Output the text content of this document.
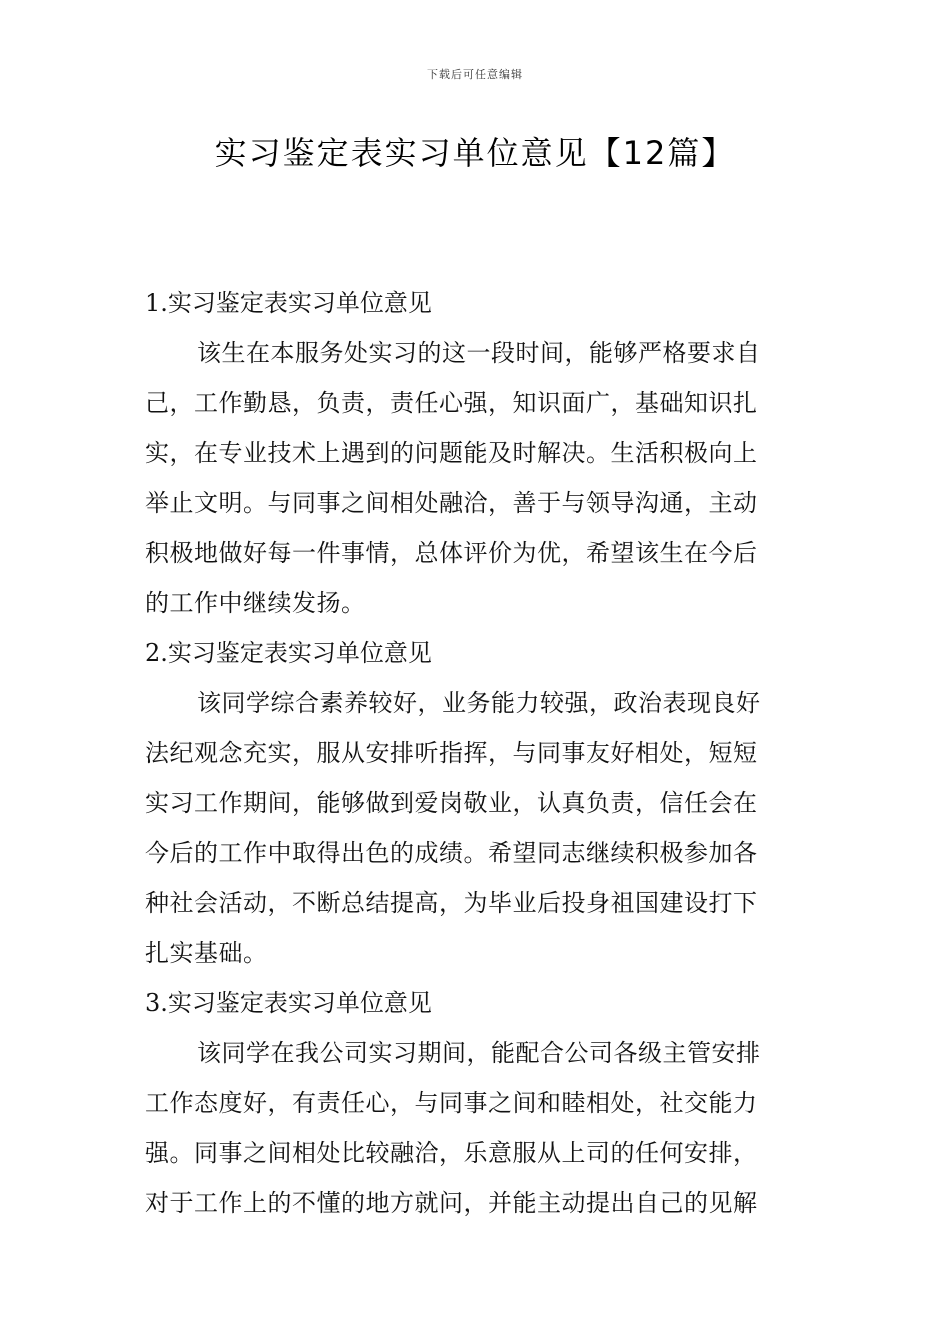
下载后可任意编辑
实习鉴定表实习单位意见【12篇】
1.实习鉴定表实习单位意见

该生在本服务处实习的这一段时间，能够严格要求自
己，工作勤恳，负责，责任心强，知识面广，基础知识扎
实，在专业技术上遇到的问题能及时解决。生活积极向上
举止文明。与同事之间相处融洽，善于与领导沟通，主动
积极地做好每一件事情，总体评价为优，希望该生在今后
的工作中继续发扬。

2.实习鉴定表实习单位意见

该同学综合素养较好，业务能力较强，政治表现良好
法纪观念充实，服从安排听指挥，与同事友好相处，短短
实习工作期间，能够做到爱岗敬业，认真负责，信任会在
今后的工作中取得出色的成绩。希望同志继续积极参加各
种社会活动，不断总结提高，为毕业后投身祖国建设打下
扎实基础。

3.实习鉴定表实习单位意见

该同学在我公司实习期间，能配合公司各级主管安排
工作态度好，有责任心，与同事之间和睦相处，社交能力
强。同事之间相处比较融洽，乐意服从上司的任何安排，
对于工作上的不懂的地方就问，并能主动提出自己的见解
